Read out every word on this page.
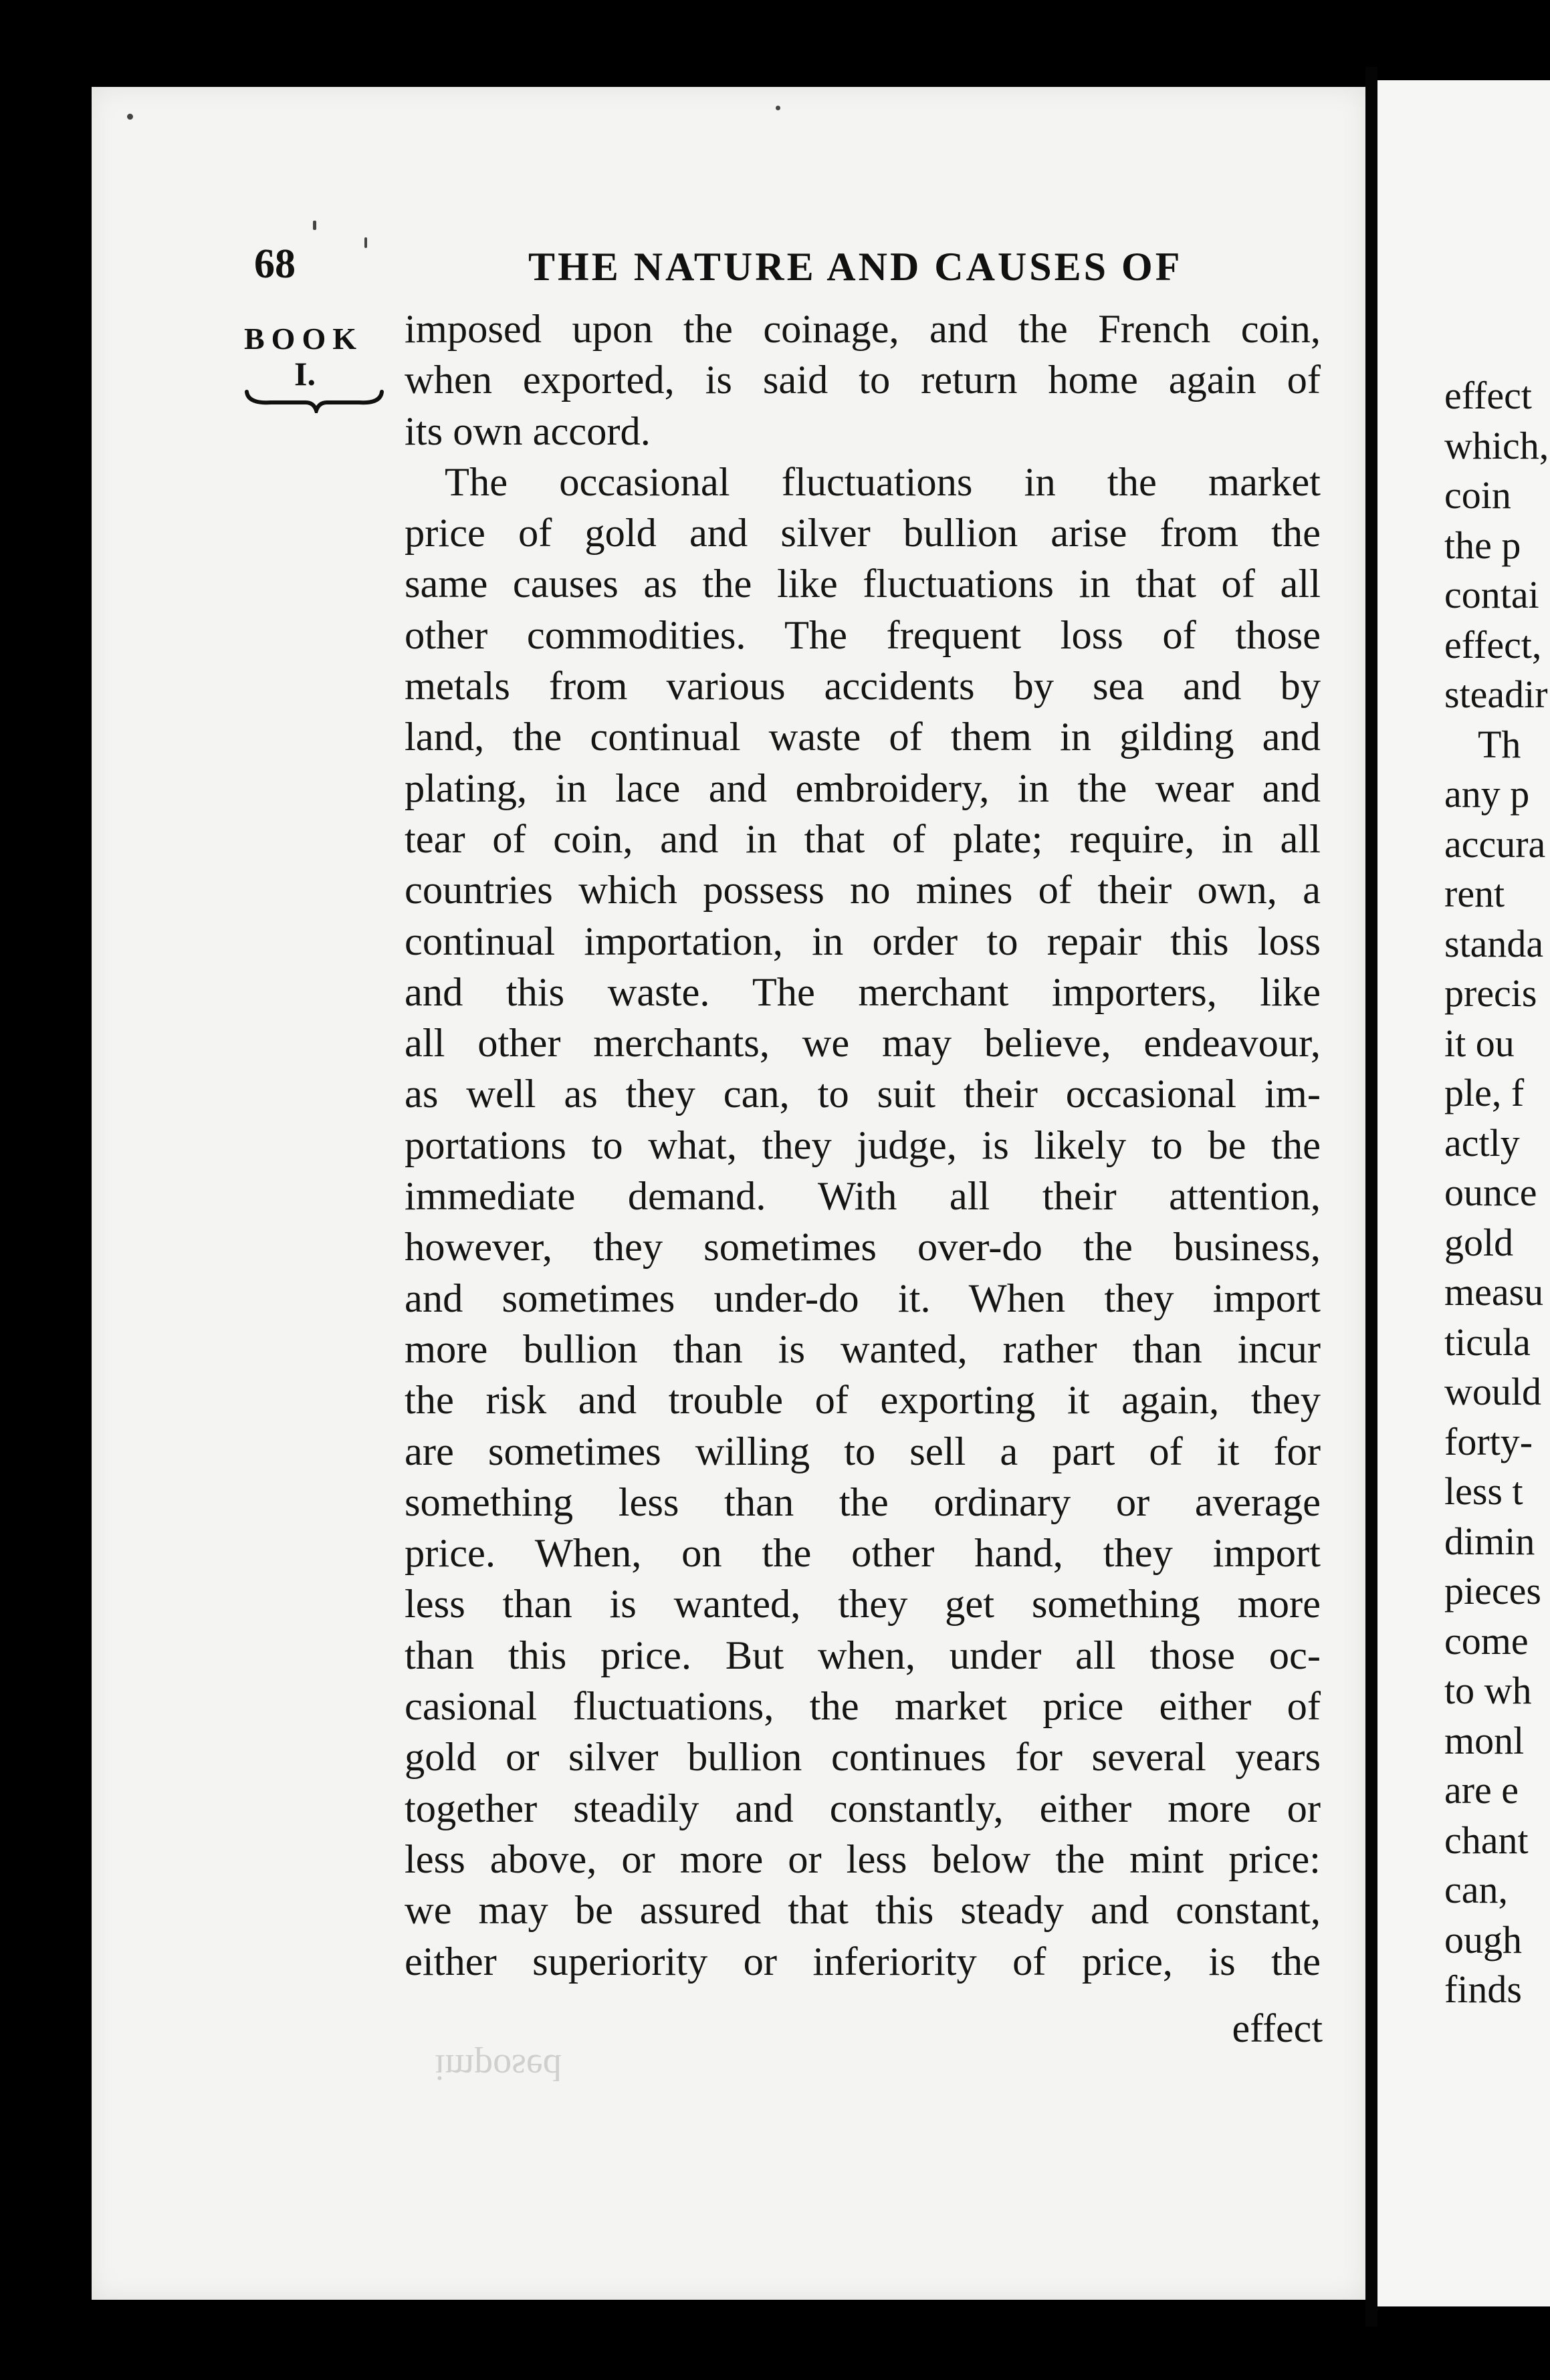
68	THE NATURE AND CAUSES OF
BOOK
I.
imposed upon the coinage, and the French coin,
when exported, is said to return home again of
its own accord.
The occasional fluctuations in the market
price of gold and silver bullion arise from the
same causes as the like fluctuations in that of all
other commodities. The frequent loss of those
metals from various accidents by sea and by
land, the continual waste of them in gilding and
plating, in lace and embroidery, in the wear and
tear of coin, and in that of plate; require, in all
countries which possess no mines of their own, a
continual importation, in order to repair this loss
and this waste. The merchant importers, like
all other merchants, we may believe, endeavour,
as well as they can, to suit their occasional im-
portations to what, they judge, is likely to be the
immediate demand. With all their attention,
however, they sometimes over-do the business,
and sometimes under-do it. When they import
more bullion than is wanted, rather than incur
the risk and trouble of exporting it again, they
are sometimes willing to sell a part of it for
something less than the ordinary or average
price. When, on the other hand, they import
less than is wanted, they get something more
than this price. But when, under all those oc-
casional fluctuations, the market price either of
gold or silver bullion continues for several years
together steadily and constantly, either more or
less above, or more or less below the mint price:
we may be assured that this steady and constant,
either superiority or inferiority of price, is the
effect
imposed
effect
which,
coin
the p
contai
effect,
steadir
Th
any p
accura
rent
standa
precis
it ou
ple, f
actly
ounce
gold
measu
ticula
would
forty-
less t
dimin
pieces
come
to wh
monl
are e
chant
can,
ough
finds
